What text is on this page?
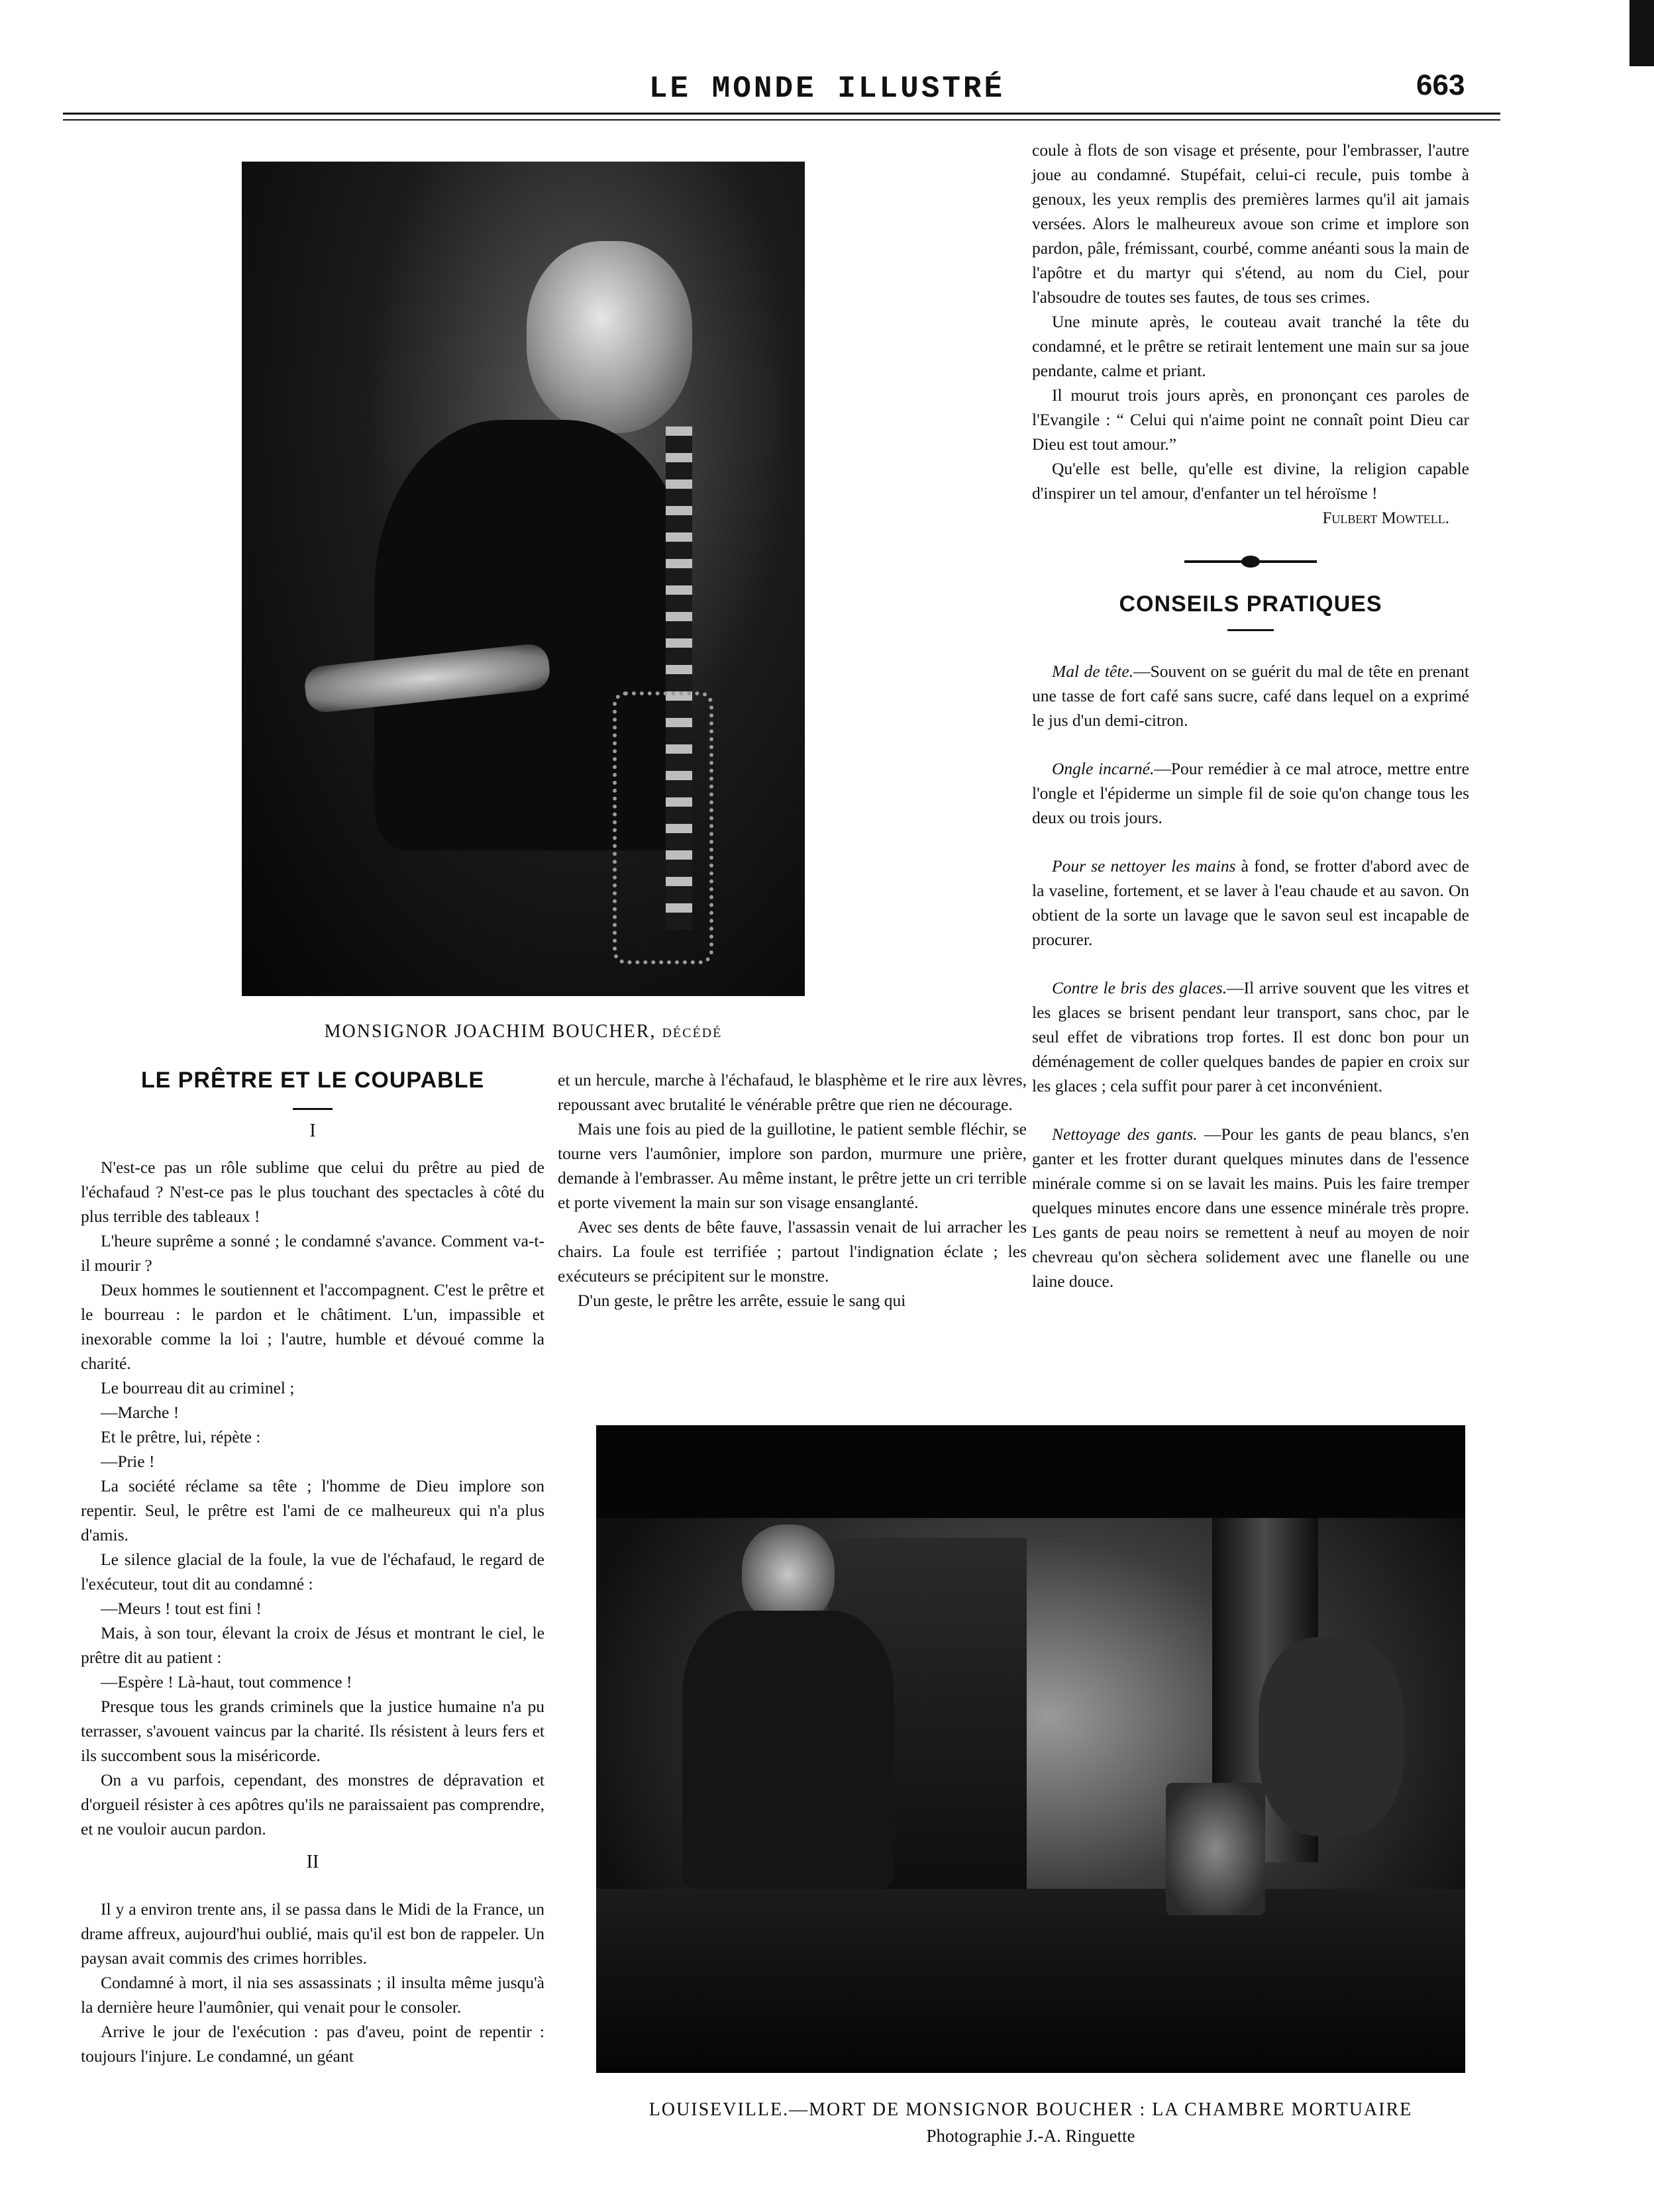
LE MONDE ILLUSTRÉ	663
MONSIGNOR JOACHIM BOUCHER, DÉCÉDÉ
LE PRÊTRE ET LE COUPABLE
I

N'est-ce pas un rôle sublime que celui du prêtre au pied de l'échafaud ? N'est-ce pas le plus touchant des spectacles à côté du plus terrible des tableaux !

L'heure suprême a sonné ; le condamné s'avance. Comment va-t-il mourir ?

Deux hommes le soutiennent et l'accompagnent. C'est le prêtre et le bourreau : le pardon et le châtiment. L'un, impassible et inexorable comme la loi ; l'autre, humble et dévoué comme la charité.

Le bourreau dit au criminel ;

—Marche !

Et le prêtre, lui, répète :

—Prie !

La société réclame sa tête ; l'homme de Dieu implore son repentir. Seul, le prêtre est l'ami de ce malheureux qui n'a plus d'amis.

Le silence glacial de la foule, la vue de l'échafaud, le regard de l'exécuteur, tout dit au condamné :

—Meurs ! tout est fini !

Mais, à son tour, élevant la croix de Jésus et montrant le ciel, le prêtre dit au patient :

—Espère ! Là-haut, tout commence !

Presque tous les grands criminels que la justice humaine n'a pu terrasser, s'avouent vaincus par la charité. Ils résistent à leurs fers et ils succombent sous la miséricorde.

On a vu parfois, cependant, des monstres de dépravation et d'orgueil résister à ces apôtres qu'ils ne paraissaient pas comprendre, et ne vouloir aucun pardon.

II

Il y a environ trente ans, il se passa dans le Midi de la France, un drame affreux, aujourd'hui oublié, mais qu'il est bon de rappeler. Un paysan avait commis des crimes horribles.

Condamné à mort, il nia ses assassinats ; il insulta même jusqu'à la dernière heure l'aumônier, qui venait pour le consoler.

Arrive le jour de l'exécution : pas d'aveu, point de repentir : toujours l'injure. Le condamné, un géant

et un hercule, marche à l'échafaud, le blasphème et le rire aux lèvres, repoussant avec brutalité le vénérable prêtre que rien ne décourage.

Mais une fois au pied de la guillotine, le patient semble fléchir, se tourne vers l'aumônier, implore son pardon, murmure une prière, demande à l'embrasser. Au même instant, le prêtre jette un cri terrible et porte vivement la main sur son visage ensanglanté.

Avec ses dents de bête fauve, l'assassin venait de lui arracher les chairs. La foule est terrifiée ; partout l'indignation éclate ; les exécuteurs se précipitent sur le monstre.

D'un geste, le prêtre les arrête, essuie le sang qui

coule à flots de son visage et présente, pour l'embrasser, l'autre joue au condamné. Stupéfait, celui-ci recule, puis tombe à genoux, les yeux remplis des premières larmes qu'il ait jamais versées. Alors le malheureux avoue son crime et implore son pardon, pâle, frémissant, courbé, comme anéanti sous la main de l'apôtre et du martyr qui s'étend, au nom du Ciel, pour l'absoudre de toutes ses fautes, de tous ses crimes.

Une minute après, le couteau avait tranché la tête du condamné, et le prêtre se retirait lentement une main sur sa joue pendante, calme et priant.

Il mourut trois jours après, en prononçant ces paroles de l'Evangile : “ Celui qui n'aime point ne connaît point Dieu car Dieu est tout amour.”

Qu'elle est belle, qu'elle est divine, la religion capable d'inspirer un tel amour, d'enfanter un tel héroïsme !

Fulbert Mowtell.
CONSEILS PRATIQUES

Mal de tête.—Souvent on se guérit du mal de tête en prenant une tasse de fort café sans sucre, café dans lequel on a exprimé le jus d'un demi-citron.

Ongle incarné.—Pour remédier à ce mal atroce, mettre entre l'ongle et l'épiderme un simple fil de soie qu'on change tous les deux ou trois jours.

Pour se nettoyer les mains à fond, se frotter d'abord avec de la vaseline, fortement, et se laver à l'eau chaude et au savon. On obtient de la sorte un lavage que le savon seul est incapable de procurer.

Contre le bris des glaces.—Il arrive souvent que les vitres et les glaces se brisent pendant leur transport, sans choc, par le seul effet de vibrations trop fortes. Il est donc bon pour un déménagement de coller quelques bandes de papier en croix sur les glaces ; cela suffit pour parer à cet inconvénient.

Nettoyage des gants. —Pour les gants de peau blancs, s'en ganter et les frotter durant quelques minutes dans de l'essence minérale comme si on se lavait les mains. Puis les faire tremper quelques minutes encore dans une essence minérale très propre. Les gants de peau noirs se remettent à neuf au moyen de noir chevreau qu'on sèchera solidement avec une flanelle ou une laine douce.

LOUISEVILLE.—MORT DE MONSIGNOR BOUCHER : LA CHAMBRE MORTUAIRE
Photographie J.-A. Ringuette
